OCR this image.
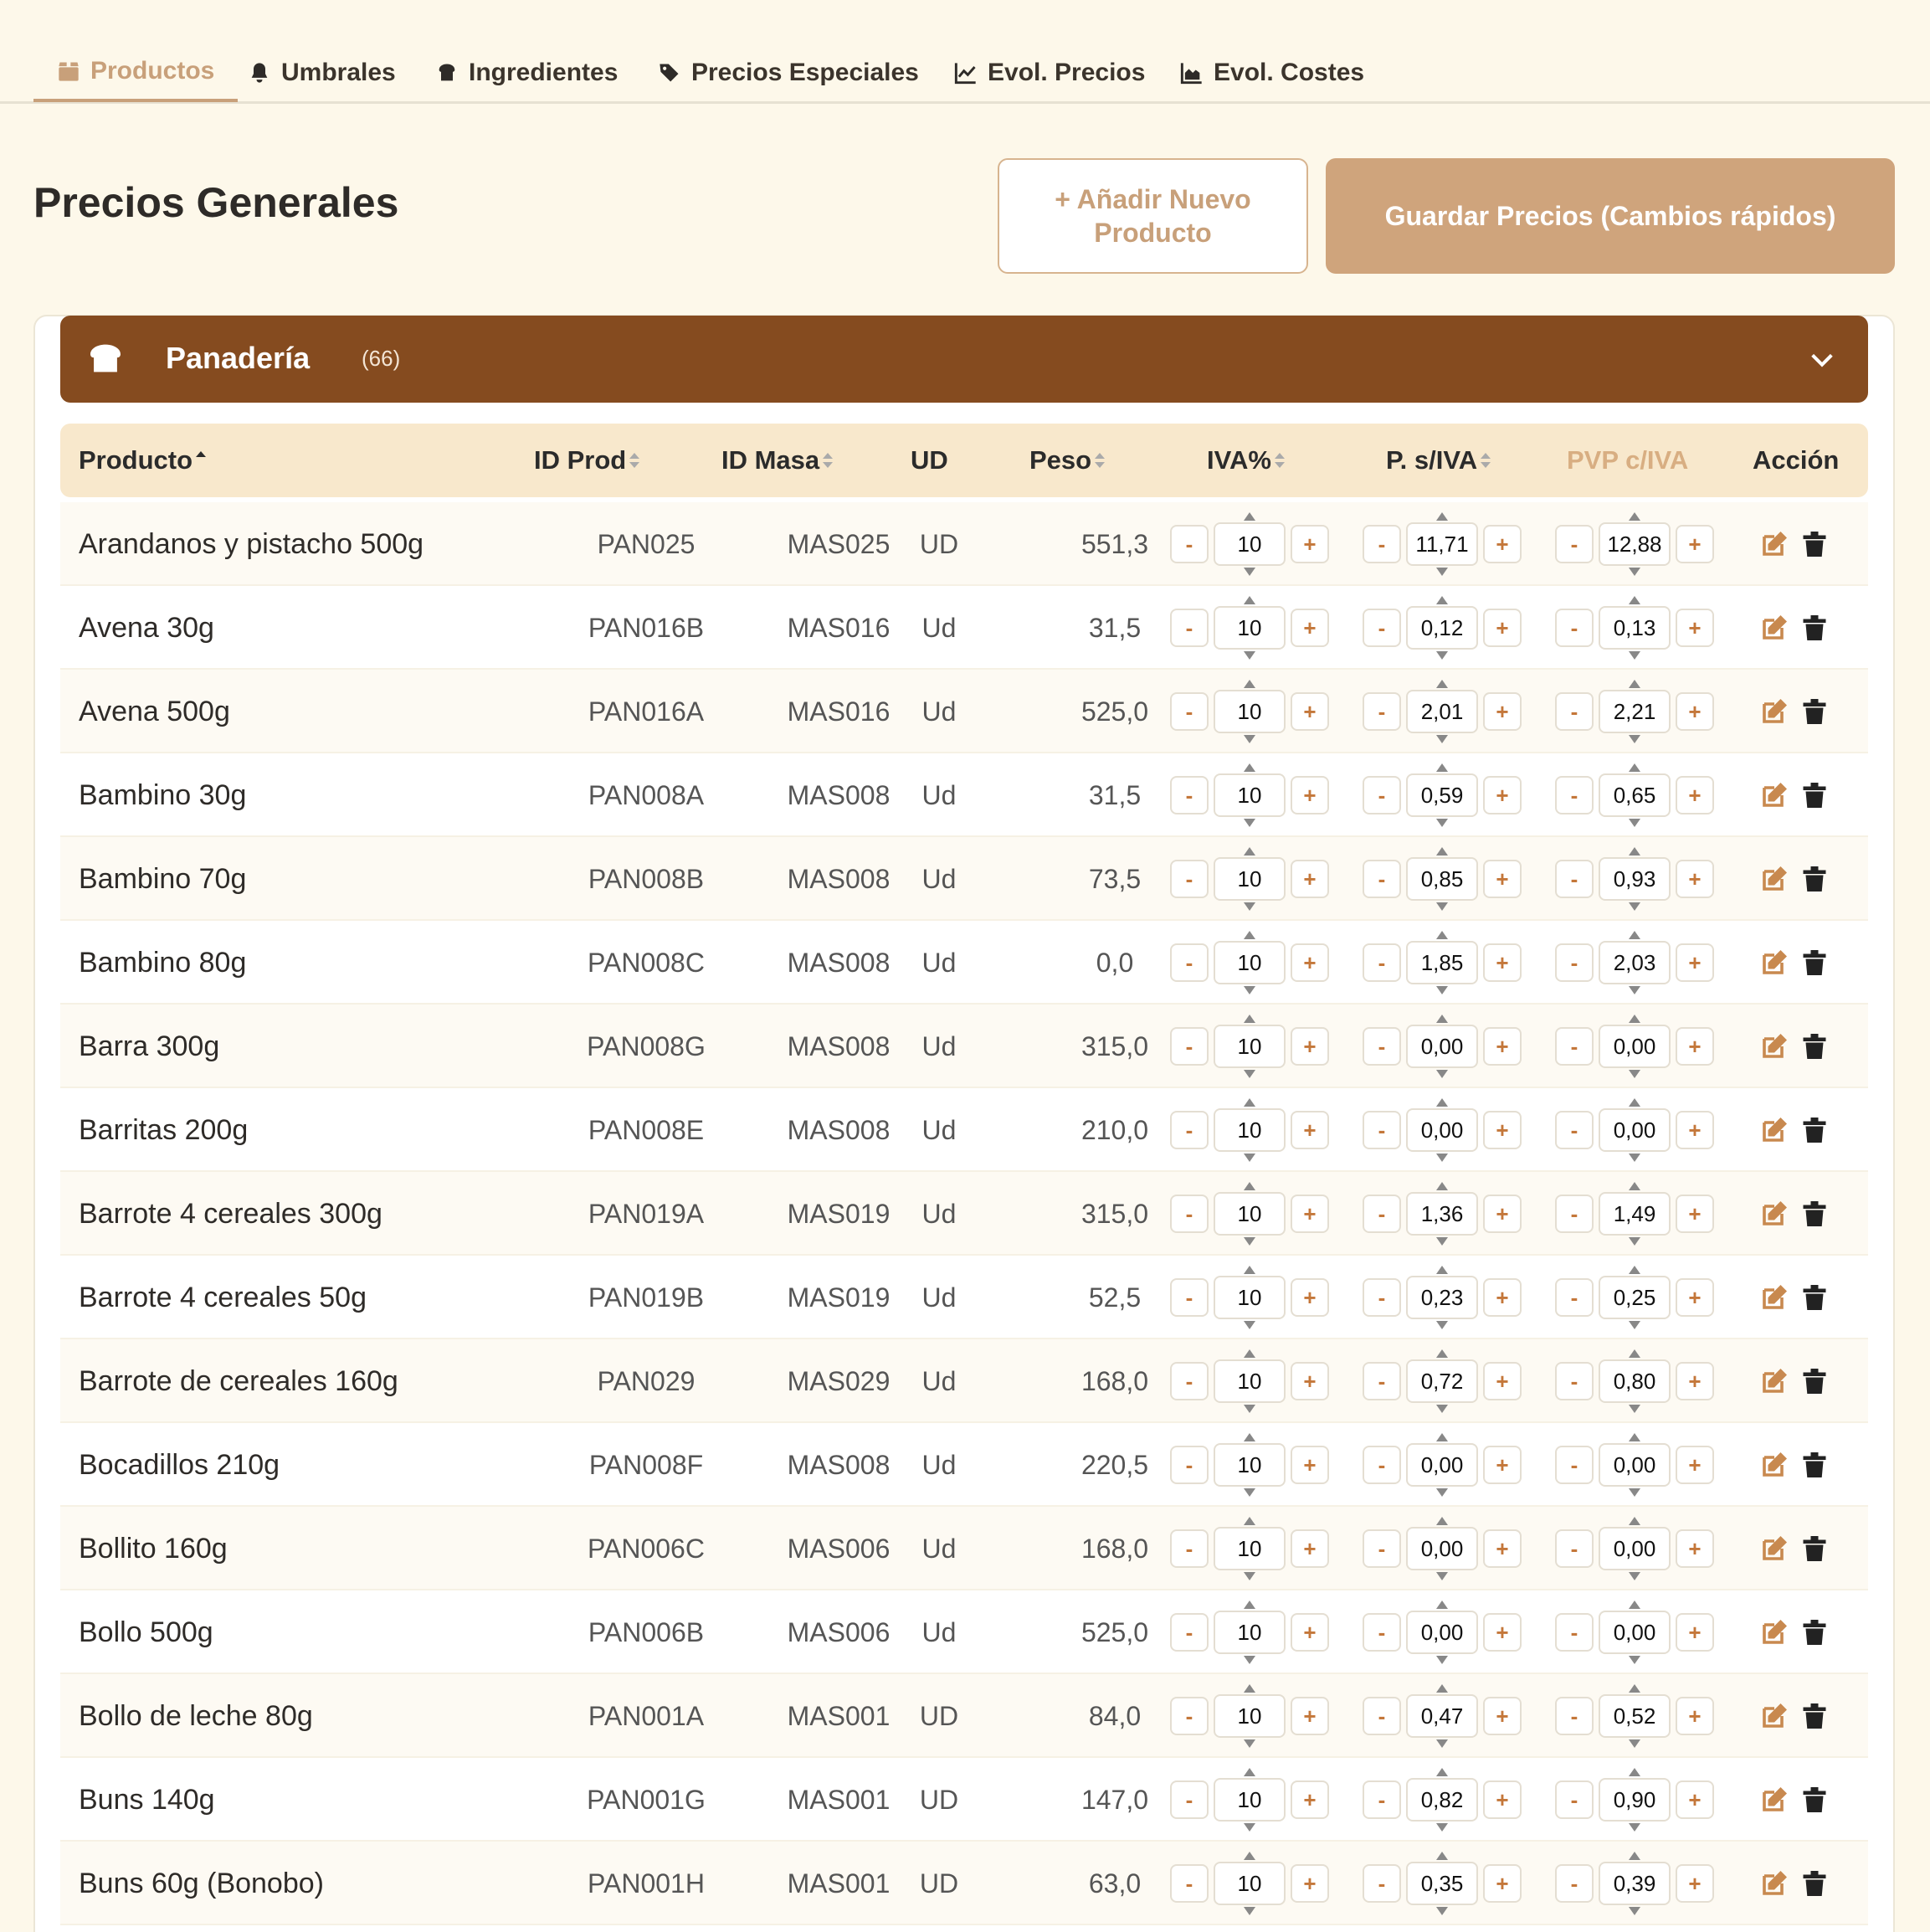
Productos	Umbrales	Ingredientes	Precios Especiales	Evol. Precios	Evol. Costes
Precios Generales	+ Añadir Nuevo Producto
Guardar Precios (Cambios rápidos)
Panadería (66)
Producto	ID Prod	ID Masa	UD	Peso	IVA%	P. s/IVA	PVP c/IVA Acción
Arandanos y pistacho 500g	PAN025	MAS025	UD	551,3	-	10	+	-	11,71	+	-	12,88	+
Avena 30g	PAN016B	MAS016	Ud	31,5	-	10	+	-	0,12	+	-	0,13	+
Avena 500g	PAN016A	MAS016	Ud	525,0	-	10	+	-	2,01	+	-	2,21	+
Bambino 30g	PAN008A	MAS008	Ud	31,5	-	10	+	-	0,59	+	-	0,65	+
Bambino 70g	PAN008B	MAS008	Ud	73,5	-	10	+	-	0,85	+	-	0,93	+
Bambino 80g	PAN008C	MAS008	Ud	0,0	-	10	+	-	1,85	+	-	2,03	+
Barra 300g	PAN008G	MAS008	Ud	315,0	-	10	+	-	0,00	+	-	0,00	+
Barritas 200g	PAN008E	MAS008	Ud	210,0	-	10	+	-	0,00	+	-	0,00	+
Barrote 4 cereales 300g	PAN019A	MAS019	Ud	315,0	-	10	+	-	1,36	+	-	1,49	+
Barrote 4 cereales 50g	PAN019B	MAS019	Ud	52,5	-	10	+	-	0,23	+	-	0,25	+
Barrote de cereales 160g	PAN029	MAS029	Ud	168,0	-	10	+	-	0,72	+	-	0,80	+
Bocadillos 210g	PAN008F	MAS008	Ud	220,5	-	10	+	-	0,00	+	-	0,00	+
Bollito 160g	PAN006C	MAS006	Ud	168,0	-	10	+	-	0,00	+	-	0,00	+
Bollo 500g	PAN006B	MAS006	Ud	525,0	-	10	+	-	0,00	+	-	0,00	+
Bollo de leche 80g	PAN001A	MAS001	UD	84,0	-	10	+	-	0,47	+	-	0,52	+
Buns 140g	PAN001G	MAS001	UD	147,0	-	10	+	-	0,82	+	-	0,90	+
Buns 60g (Bonobo)	PAN001H	MAS001	UD	63,0	-	10	+	-	0,35	+	-	0,39	+
